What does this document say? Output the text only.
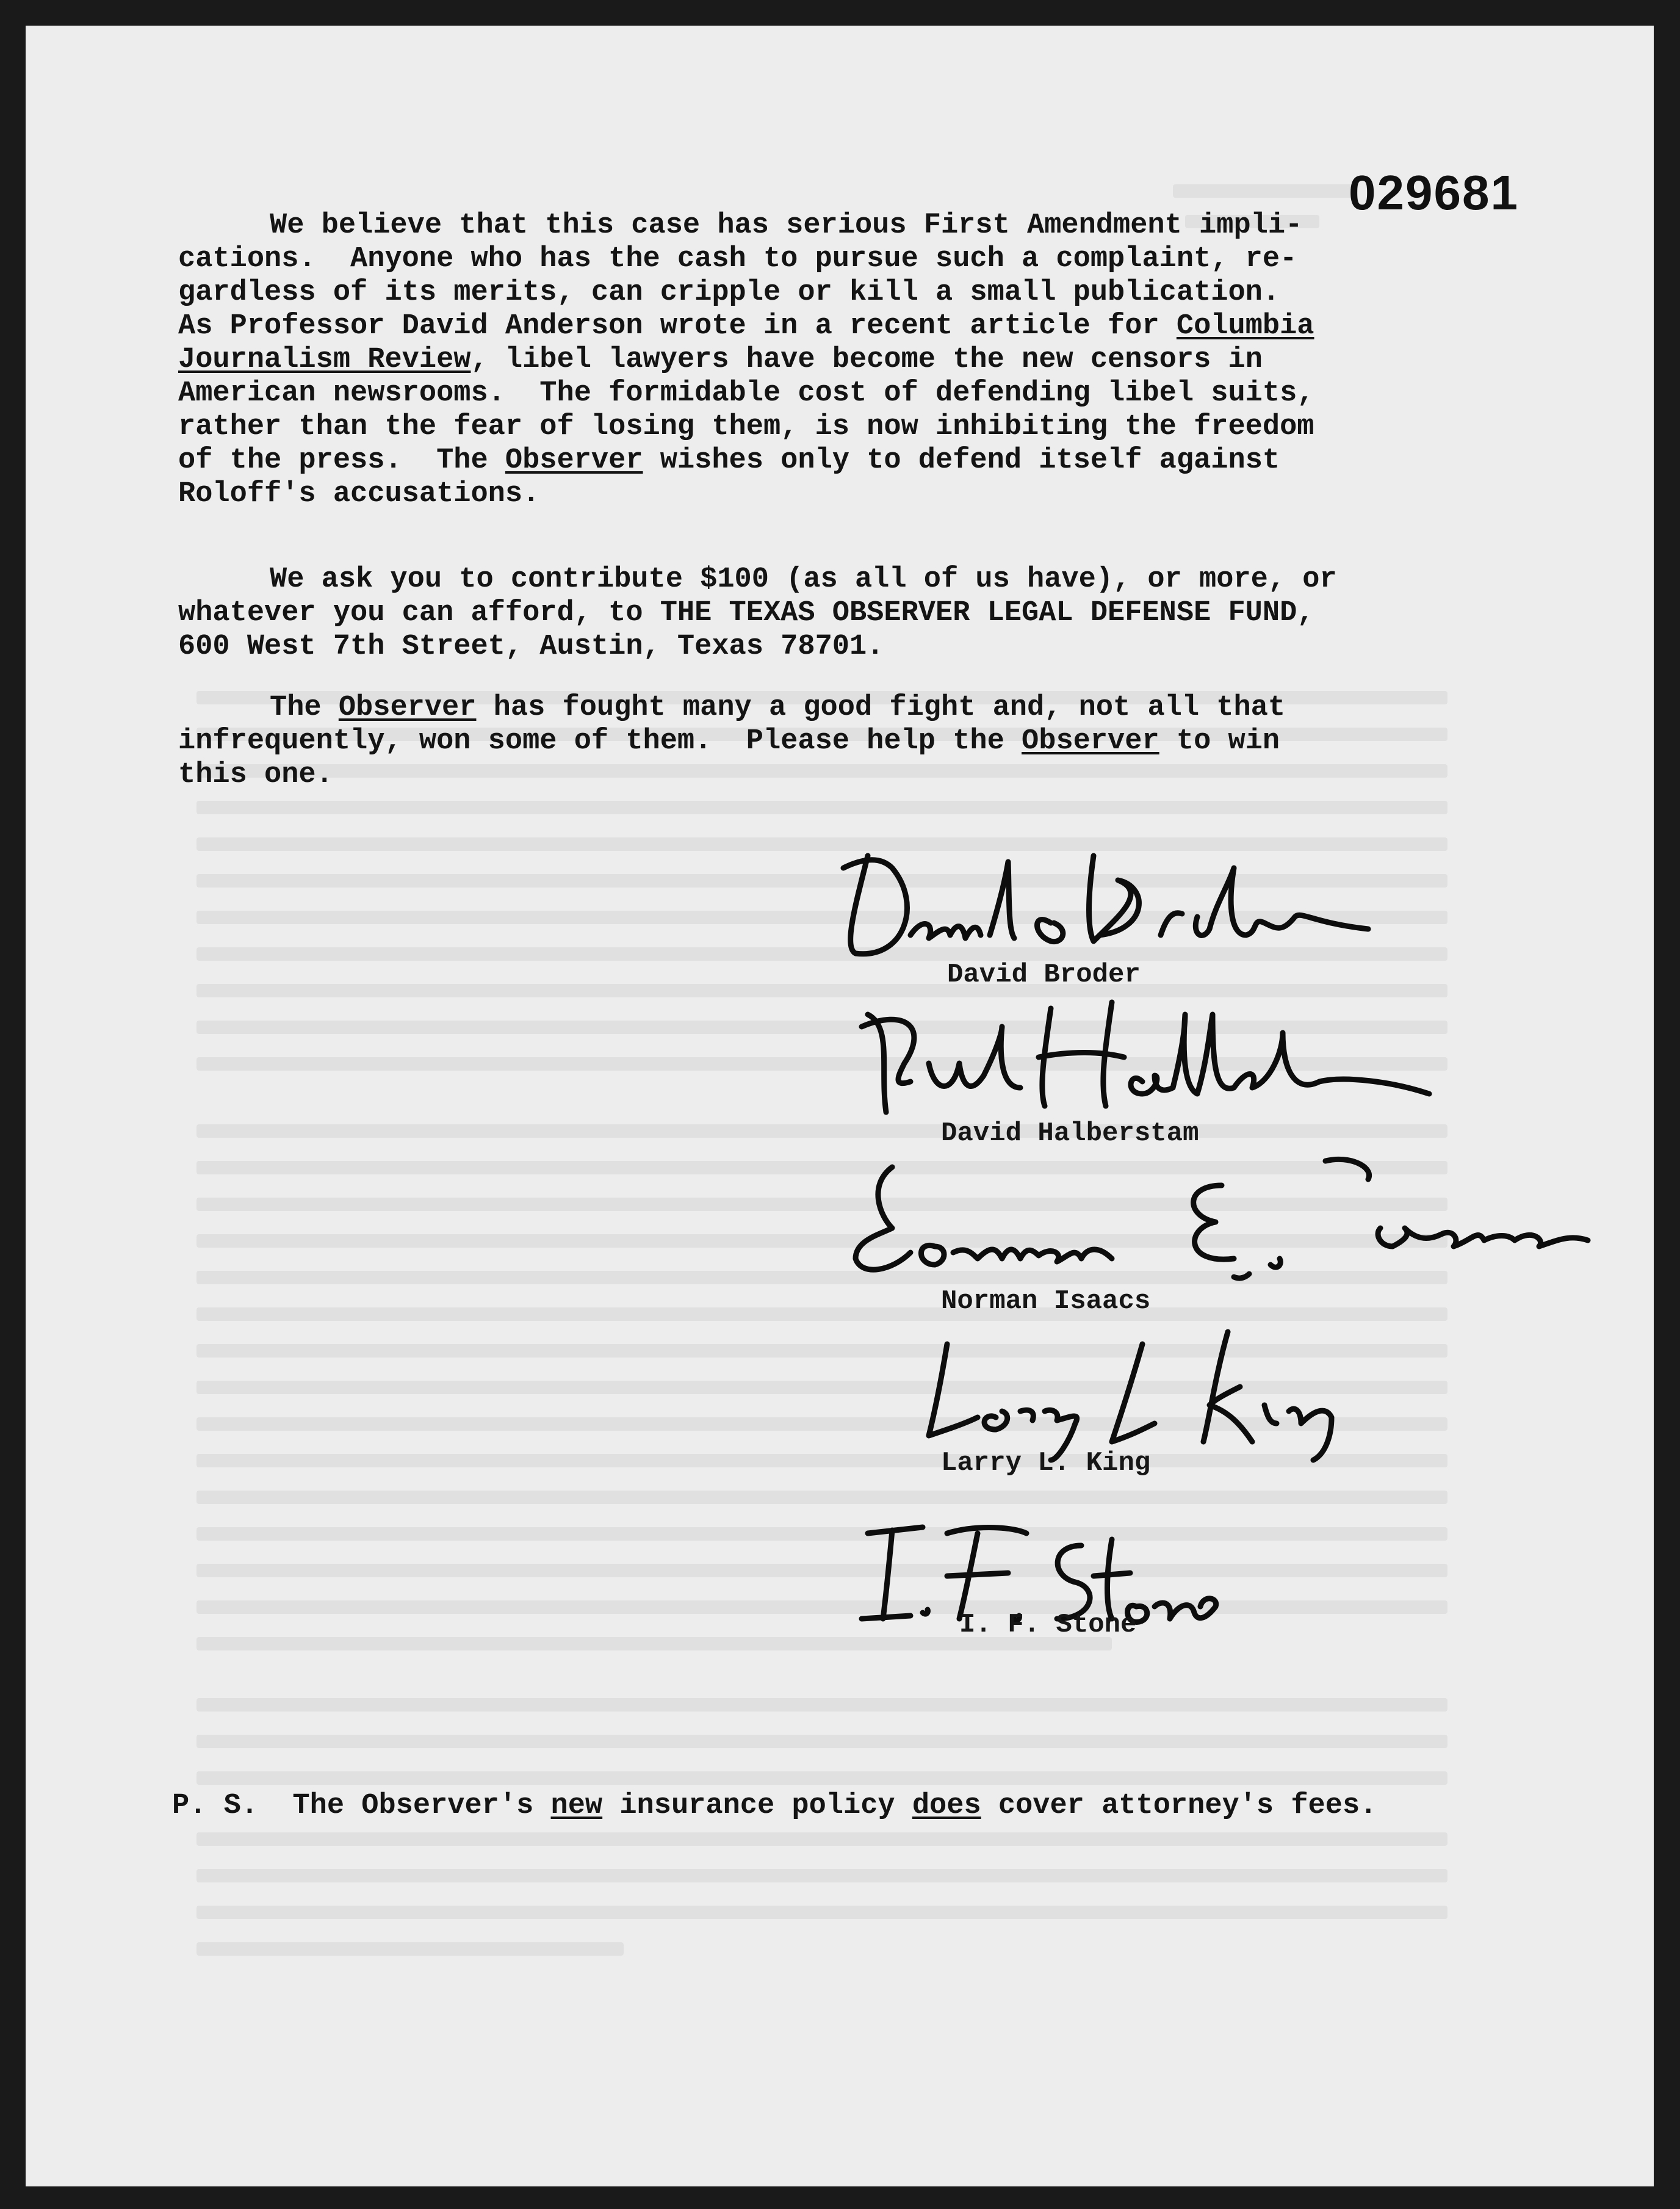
029681
We believe that this case has serious First Amendment impli-
cations.  Anyone who has the cash to pursue such a complaint, re-
gardless of its merits, can cripple or kill a small publication.
As Professor David Anderson wrote in a recent article for Columbia
Journalism Review, libel lawyers have become the new censors in
American newsrooms.  The formidable cost of defending libel suits,
rather than the fear of losing them, is now inhibiting the freedom
of the press.  The Observer wishes only to defend itself against
Roloff's accusations.
We ask you to contribute $100 (as all of us have), or more, or
whatever you can afford, to THE TEXAS OBSERVER LEGAL DEFENSE FUND,
600 West 7th Street, Austin, Texas 78701.
The Observer has fought many a good fight and, not all that
infrequently, won some of them.  Please help the Observer to win
this one.
David Broder
David Halberstam
Norman Isaacs
Larry L. King
I. F. Stone
P. S.  The Observer's new insurance policy does cover attorney's fees.
